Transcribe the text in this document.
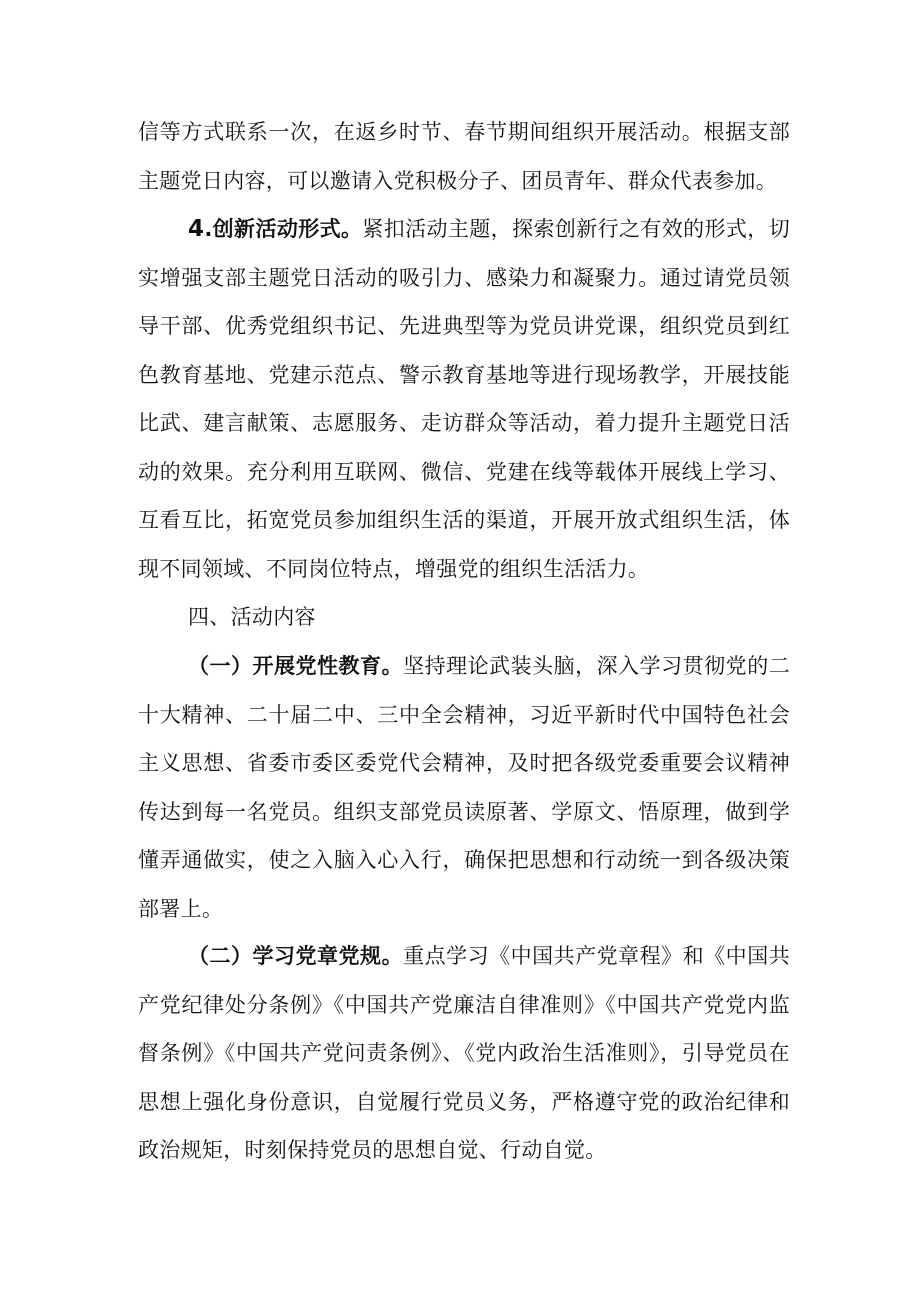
信等方式联系一次，在返乡时节、春节期间组织开展活动。根据支部主题党日内容，可以邀请入党积极分子、团员青年、群众代表参加。

4.创新活动形式。紧扣活动主题，探索创新行之有效的形式，切实增强支部主题党日活动的吸引力、感染力和凝聚力。通过请党员领导干部、优秀党组织书记、先进典型等为党员讲党课，组织党员到红色教育基地、党建示范点、警示教育基地等进行现场教学，开展技能比武、建言献策、志愿服务、走访群众等活动，着力提升主题党日活动的效果。充分利用互联网、微信、党建在线等载体开展线上学习、互看互比，拓宽党员参加组织生活的渠道，开展开放式组织生活，体现不同领域、不同岗位特点，增强党的组织生活活力。

四、活动内容

（一）开展党性教育。坚持理论武装头脑，深入学习贯彻党的二十大精神、二十届二中、三中全会精神，习近平新时代中国特色社会主义思想、省委市委区委党代会精神，及时把各级党委重要会议精神传达到每一名党员。组织支部党员读原著、学原文、悟原理，做到学懂弄通做实，使之入脑入心入行，确保把思想和行动统一到各级决策部署上。

（二）学习党章党规。重点学习《中国共产党章程》和《中国共产党纪律处分条例》《中国共产党廉洁自律准则》《中国共产党党内监督条例》《中国共产党问责条例》、《党内政治生活准则》，引导党员在思想上强化身份意识，自觉履行党员义务，严格遵守党的政治纪律和政治规矩，时刻保持党员的思想自觉、行动自觉。
